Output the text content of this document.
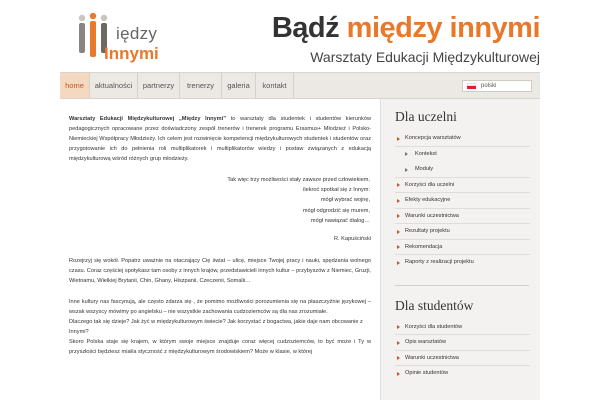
iędzy
Innymi
Bądź między innymi
Warsztaty Edukacji Międzykulturowej
home	aktualności	partnerzy	trenerzy	galeria	kontakt	polski

Warsztaty Edukacji Międzykulturowej „Między Innymi” to warsztaty dla studentek i studentów kierunków pedagogicznych opracowane przez doświadczony zespół trenerów i trenerek programu Erasmus+ Młodzież i Polsko-Niemieckiej Współpracy Młodzieży. Ich celem jest rozwinięcie kompetencji międzykulturowych studentek i studentów oraz przygotowanie ich do pełnienia roli multiplikatorek i multiplikatorów wiedzy i postaw związanych z edukacją międzykulturową wśród różnych grup młodzieży.

Tak więc trzy możliwości stały zawsze przed człowiekiem,
ilekroć spotkał się z Innym:
mógł wybrać wojnę,
mógł odgrodzić się murem,
mógł nawiązać dialog…
R. Kapuściński

Rozejrzyj się wokół. Popatrz uważnie na otaczający Cię świat – ulicę, miejsce Twojej pracy i nauki, spędzania wolnego czasu. Coraz częściej spotykasz tam osoby z innych krajów, przedstawicieli innych kultur – przybyszów z Niemiec, Gruzji, Wietnamu, Wielkiej Brytanii, Chin, Ghany, Hiszpanii, Czeczenii, Somalii…

Inne kultury nas fascynują, ale często zdarza się , że pomimo możliwości porozumienia się na płaszczyźnie językowej – wszak wszyscy mówimy po angielsku – nie wszystkie zachowania cudzoziemców są dla nas zrozumiałe.

Dlaczego tak się dzieje? Jak żyć w międzykulturowym świecie? Jak korzystać z bogactwa, jakie daje nam obcowanie z Innymi?

Skoro Polska staje się krajem, w którym swoje miejsce znajduje coraz więcej cudzoziemców, to być może i Ty w przyszłości będziesz miał/a styczność z międzykulturowym środowiskiem? Może w klasie, w której

Dla uczelni
Koncepcja warsztatów
Kontekst
Moduły
Korzyści dla uczelni
Efekty edukacyjne
Warunki uczestnictwa
Rezultaty projektu
Rekomendacja
Raporty z realizacji projektu
Dla studentów
Korzyści dla studentów
Opis warsztatów
Warunki uczestnictwa
Opinie studentów
